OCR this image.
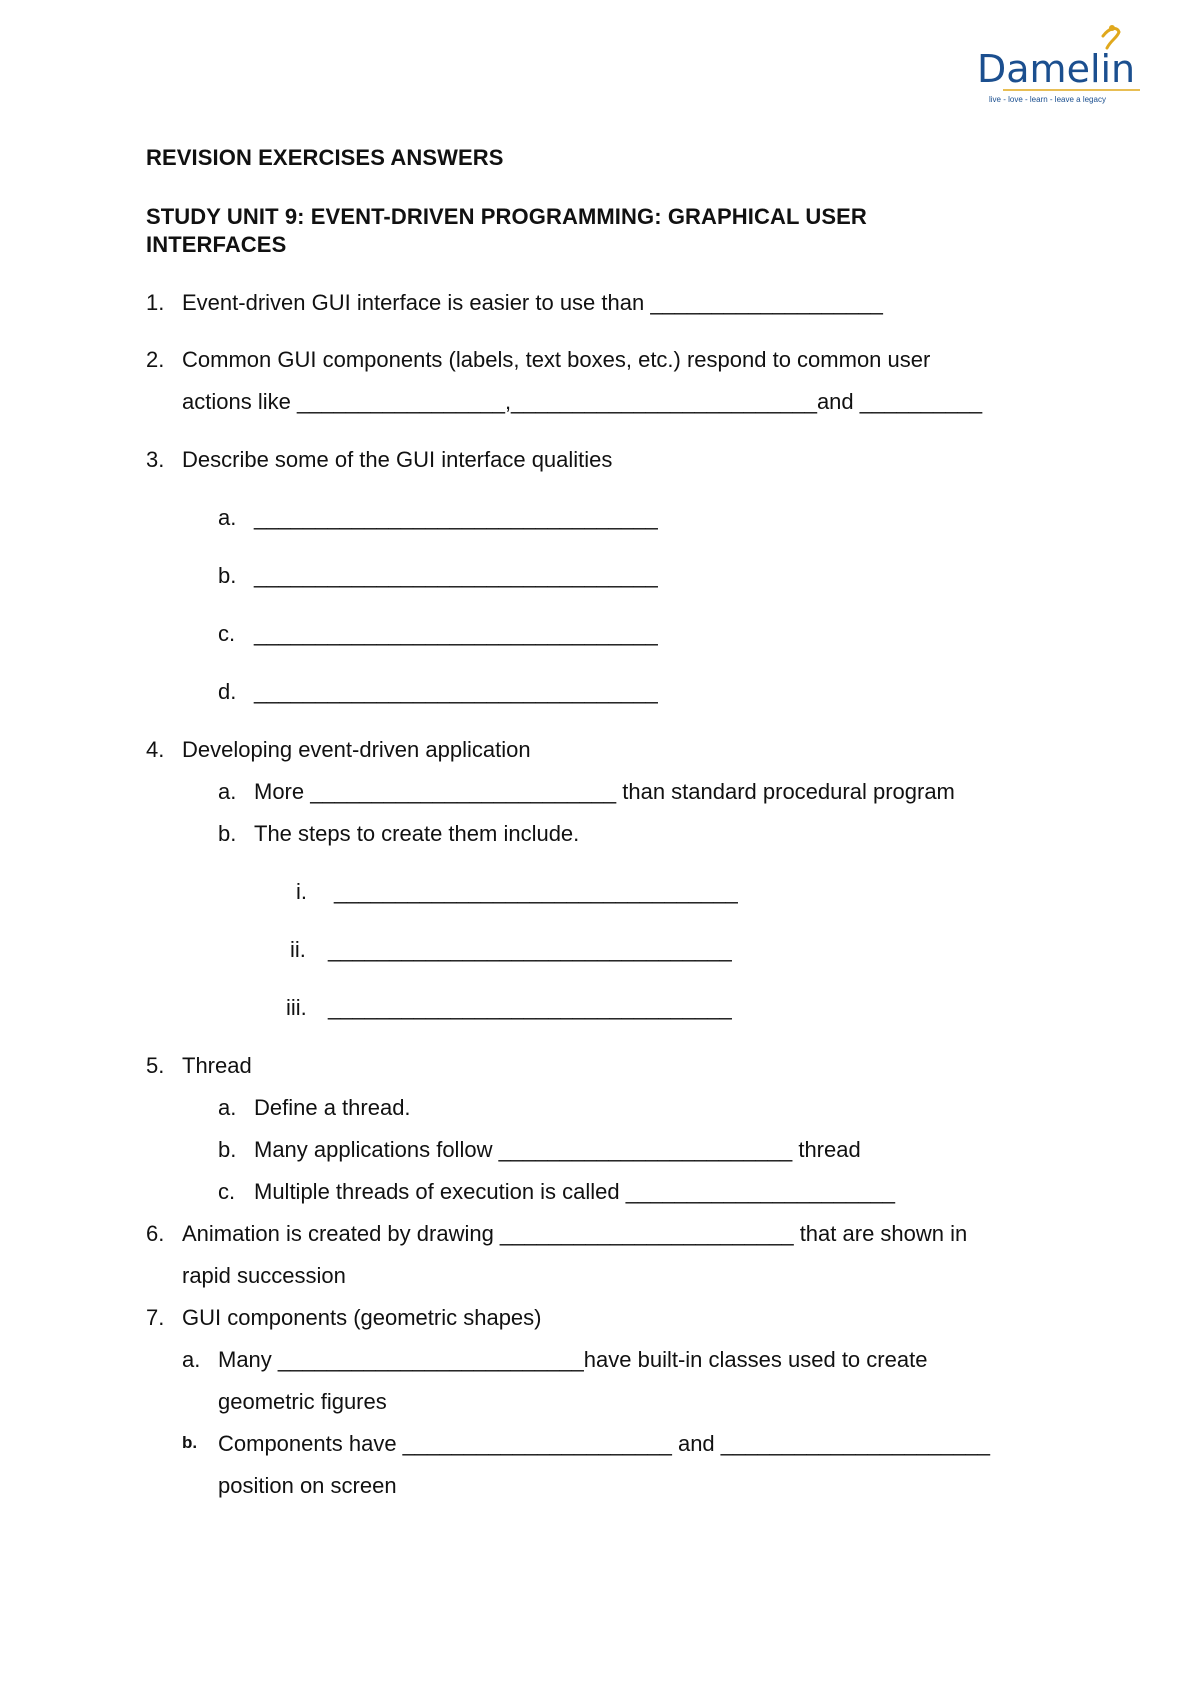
Damelin
live - love - learn - leave a legacy
REVISION EXERCISES ANSWERS
STUDY UNIT 9: EVENT-DRIVEN PROGRAMMING: GRAPHICAL USER
INTERFACES
1. Event-driven GUI interface is easier to use than ___________________
2. Common GUI components (labels, text boxes, etc.) respond to common user
actions like _________________,_________________________and __________
3. Describe some of the GUI interface qualities
a. _________________________________
b. _________________________________
c. _________________________________
d. _________________________________
4. Developing event-driven application
a. More _________________________ than standard procedural program
b. The steps to create them include.
i. _________________________________
ii. _________________________________
iii. _________________________________
5. Thread
a. Define a thread.
b. Many applications follow ________________________ thread
c. Multiple threads of execution is called ______________________
6. Animation is created by drawing ________________________ that are shown in
rapid succession
7. GUI components (geometric shapes)
a. Many _________________________have built-in classes used to create
geometric figures
b. Components have ______________________ and ______________________
position on screen
